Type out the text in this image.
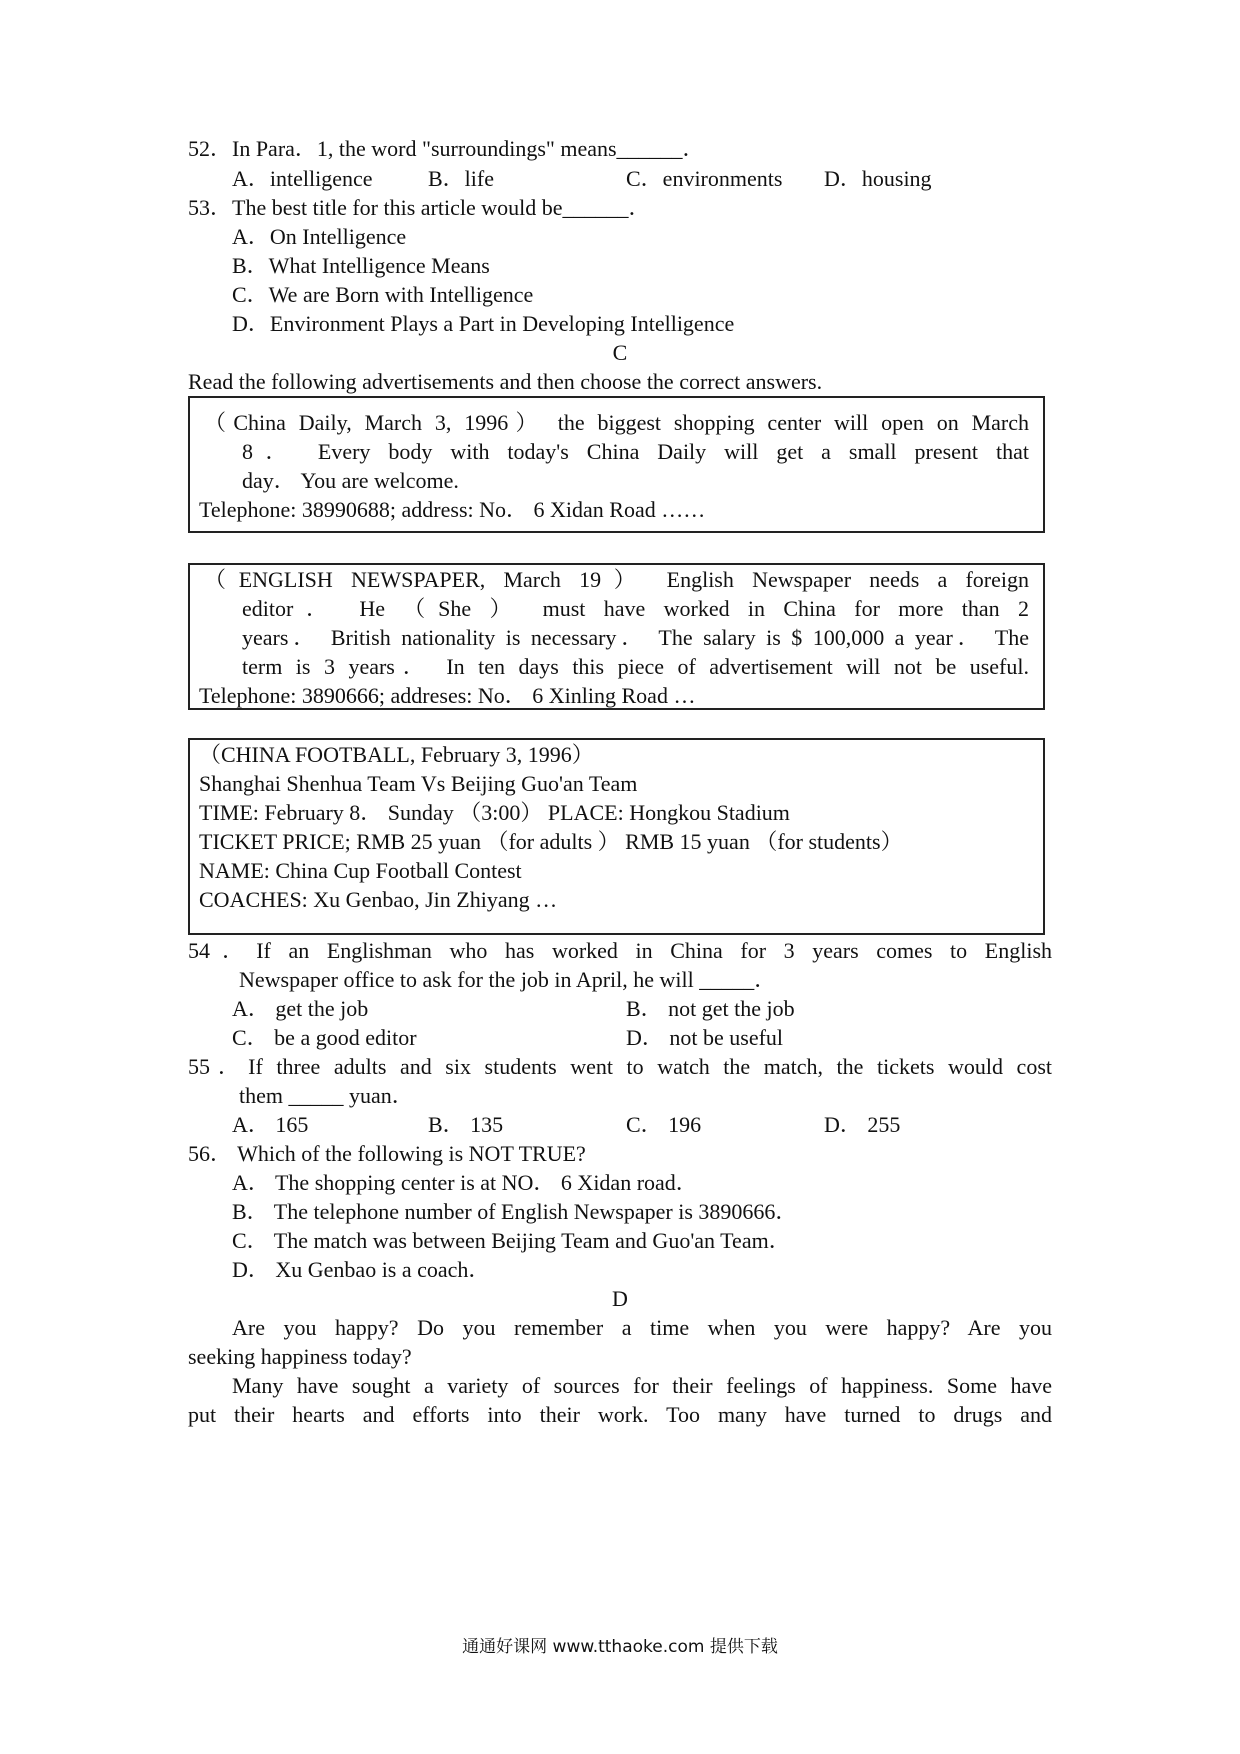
52．In Para．1, the word "surroundings" means______．
A．intelligence	B．life	C．environments D．housing
53．The best title for this article would be______．
A．On Intelligence
B．What Intelligence Means
C．We are Born with Intelligence
D．Environment Plays a Part in Developing Intelligence
C
Read the following advertisements and then choose the correct answers.
（China Daily, March 3, 1996） the biggest shopping center will open on March
8． Every body with today's China Daily will get a small present that
day． You are welcome.
Telephone: 38990688; address: No． 6 Xidan Road ……
（ENGLISH NEWSPAPER, March 19） English Newspaper needs a foreign
editor． He （She ） must have worked in China for more than 2
years． British nationality is necessary． The salary is $ 100,000 a year． The
term is 3 years． In ten days this piece of advertisement will not be useful.
Telephone: 3890666; addreses: No． 6 Xinling Road …
（CHINA FOOTBALL, February 3, 1996）
Shanghai Shenhua Team Vs Beijing Guo'an Team
TIME: February 8． Sunday （3:00） PLACE: Hongkou Stadium
TICKET PRICE; RMB 25 yuan （for adults ） RMB 15 yuan （for students）
NAME: China Cup Football Contest
COACHES: Xu Genbao, Jin Zhiyang …
54．If an Englishman who has worked in China for 3 years comes to English
Newspaper office to ask for the job in April, he will _____．
A． get the job	B． not get the job
C． be a good editor	D． not be useful
55．If three adults and six students went to watch the match, the tickets would cost
them _____ yuan．
A． 165	B． 135	C． 196	D． 255
56． Which of the following is NOT TRUE?
A． The shopping center is at NO． 6 Xidan road．
B． The telephone number of English Newspaper is 3890666．
C． The match was between Beijing Team and Guo'an Team．
D． Xu Genbao is a coach．
D
Are you happy? Do you remember a time when you were happy? Are you
seeking happiness today?
Many have sought a variety of sources for their feelings of happiness. Some have
put their hearts and efforts into their work. Too many have turned to drugs and
通通好课网 www.tthaoke.com 提供下载
